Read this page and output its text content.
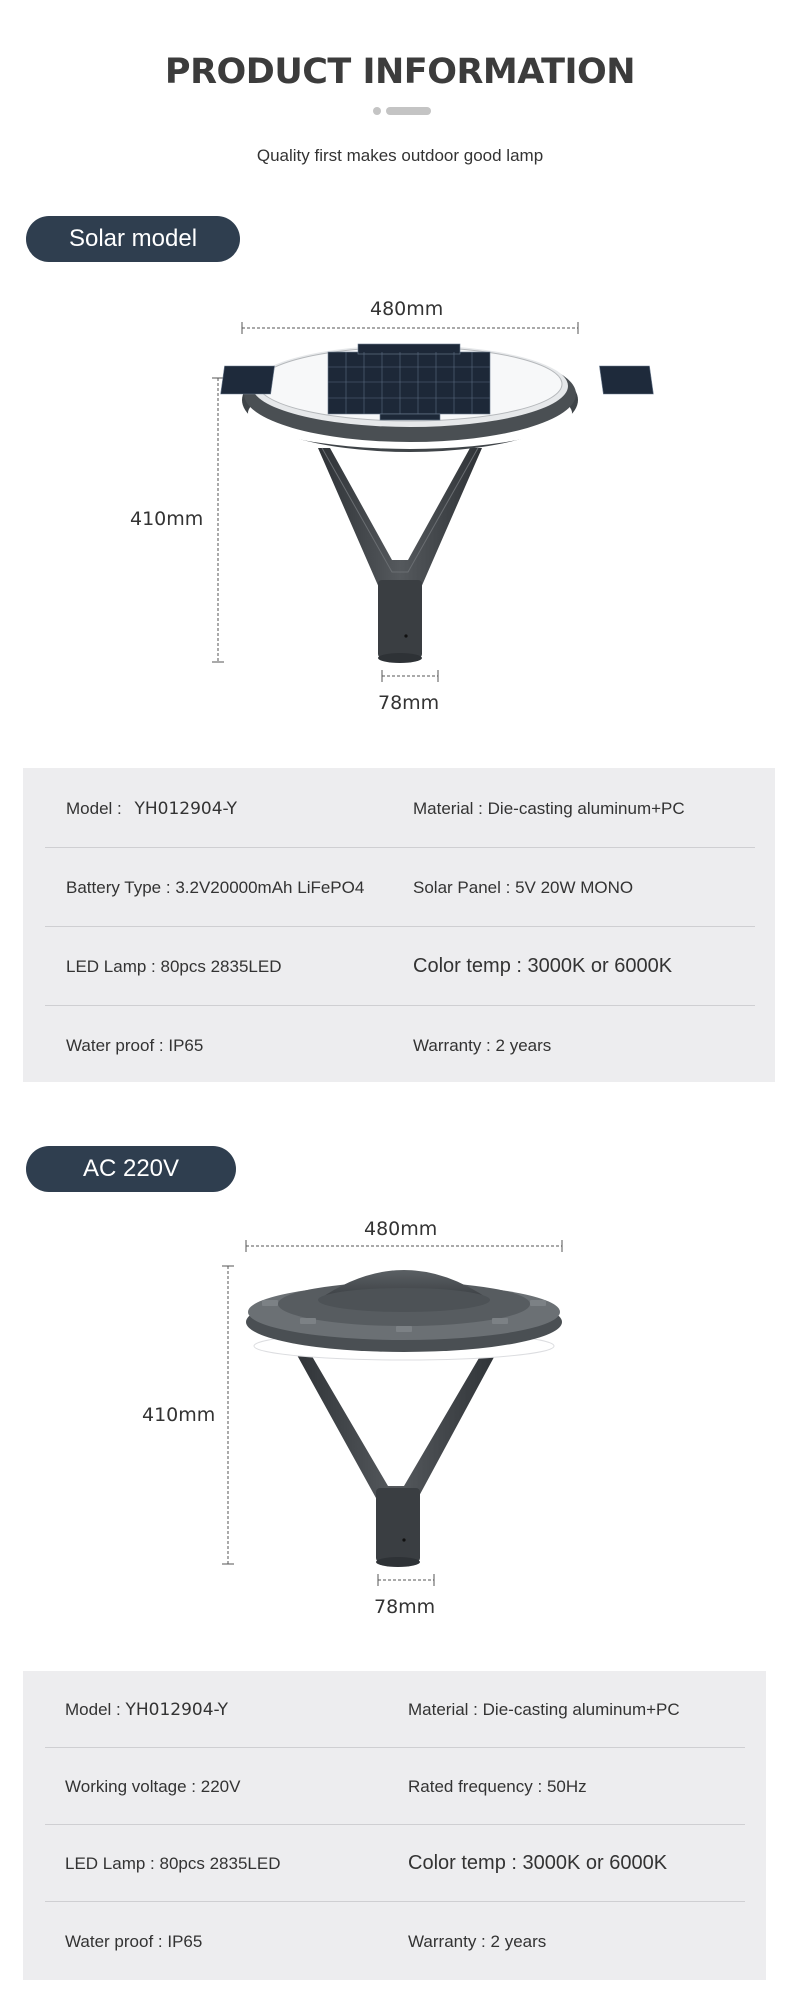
PRODUCT INFORMATION
Quality first makes outdoor good lamp
Solar model
480mm
410mm
78mm
Model : YH012904-Y	Material : Die-casting aluminum+PC
Battery Type : 3.2V20000mAh LiFePO4	Solar Panel : 5V 20W MONO
LED Lamp : 80pcs 2835LED	Color temp : 3000K or 6000K
Water proof : IP65	Warranty : 2 years
AC 220V
480mm
410mm
78mm
Model : YH012904-Y	Material : Die-casting aluminum+PC
Working voltage : 220V	Rated frequency : 50Hz
LED Lamp : 80pcs 2835LED	Color temp : 3000K or 6000K
Water proof : IP65	Warranty : 2 years
